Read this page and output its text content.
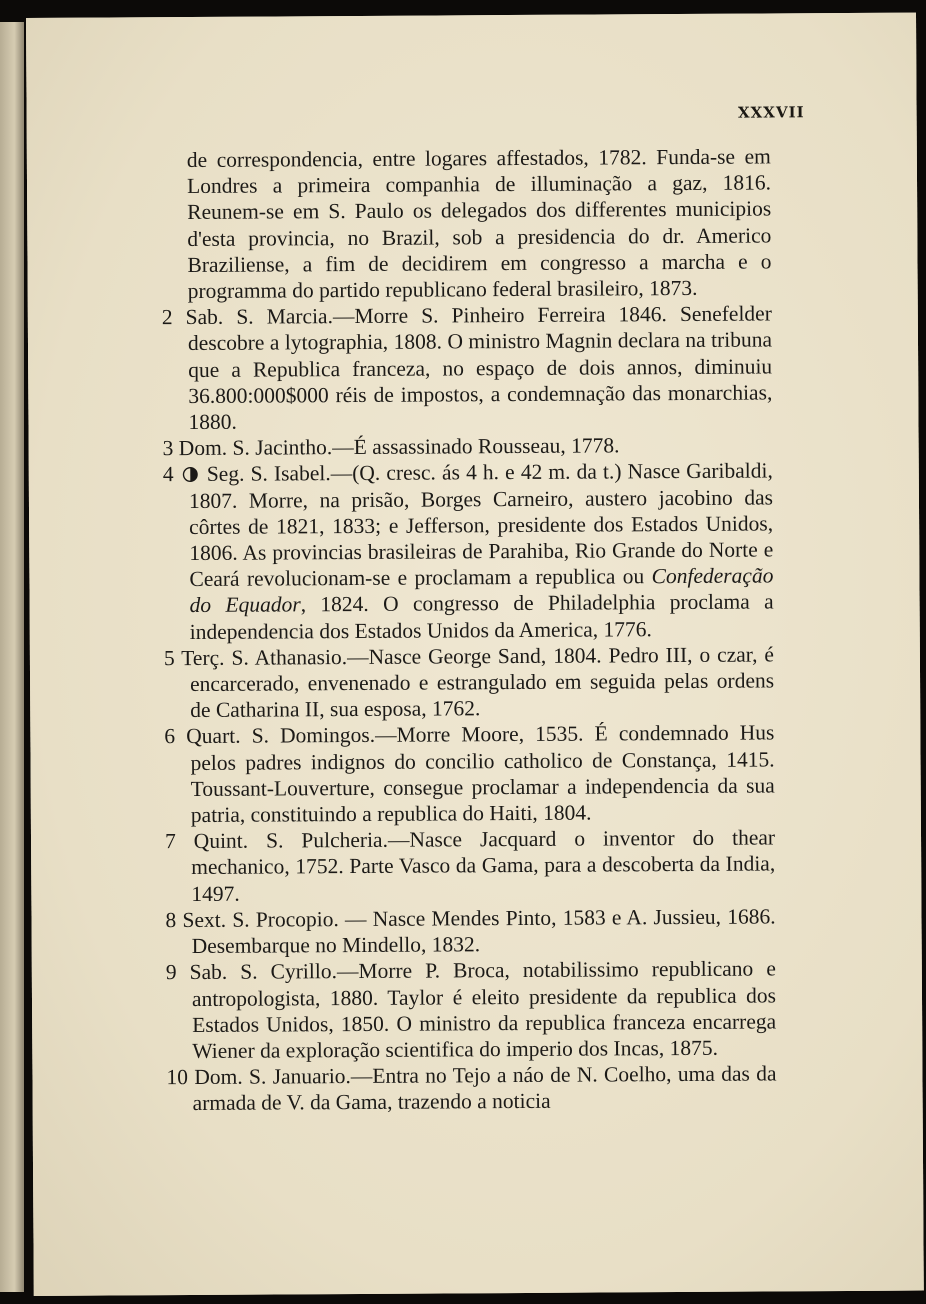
XXXVII

de correspondencia, entre logares affestados, 1782. Funda-se em Londres a primeira companhia de illuminação a gaz, 1816. Reunem-se em S. Paulo os delegados dos differentes municipios d'esta provincia, no Brazil, sob a presidencia do dr. Americo Braziliense, a fim de decidirem em congresso a marcha e o programma do partido republicano federal brasileiro, 1873.

2 Sab. S. Marcia.—Morre S. Pinheiro Ferreira 1846. Senefelder descobre a lytographia, 1808. O ministro Magnin declara na tribuna que a Republica franceza, no espaço de dois annos, diminuiu 36.800:000$000 réis de impostos, a condemnação das monarchias, 1880.

3 Dom. S. Jacintho.—É assassinado Rousseau, 1778.

4 Seg. S. Isabel.—(Q. cresc. ás 4 h. e 42 m. da t.) Nasce Garibaldi, 1807. Morre, na prisão, Borges Carneiro, austero jacobino das côrtes de 1821, 1833; e Jefferson, presidente dos Estados Unidos, 1806. As provincias brasileiras de Parahiba, Rio Grande do Norte e Ceará revolucionam-se e proclamam a republica ou Confederação do Equador, 1824. O congresso de Philadelphia proclama a independencia dos Estados Unidos da America, 1776.

5 Terç. S. Athanasio.—Nasce George Sand, 1804. Pedro III, o czar, é encarcerado, envenenado e estrangulado em seguida pelas ordens de Catharina II, sua esposa, 1762.

6 Quart. S. Domingos.—Morre Moore, 1535. É condemnado Hus pelos padres indignos do concilio catholico de Constança, 1415. Toussant-Louverture, consegue proclamar a independencia da sua patria, constituindo a republica do Haiti, 1804.

7 Quint. S. Pulcheria.—Nasce Jacquard o inventor do thear mechanico, 1752. Parte Vasco da Gama, para a descoberta da India, 1497.

8 Sext. S. Procopio. — Nasce Mendes Pinto, 1583 e A. Jussieu, 1686. Desembarque no Mindello, 1832.

9 Sab. S. Cyrillo.—Morre P. Broca, notabilissimo republicano e antropologista, 1880. Taylor é eleito presidente da republica dos Estados Unidos, 1850. O ministro da republica franceza encarrega Wiener da exploração scientifica do imperio dos Incas, 1875.

10 Dom. S. Januario.—Entra no Tejo a náo de N. Coelho, uma das da armada de V. da Gama, trazendo a noticia
